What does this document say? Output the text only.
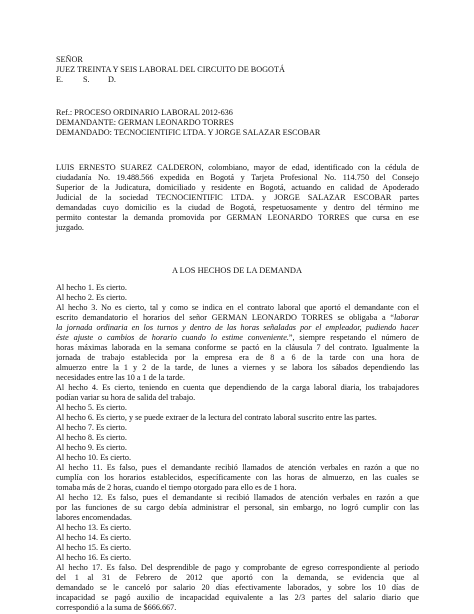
SEÑOR
JUEZ TREINTA Y SEIS LABORAL DEL CIRCUITO DE BOGOTÁ
E. S. D.
Ref.: PROCESO ORDINARIO LABORAL 2012-636
DEMANDANTE: GERMAN LEONARDO TORRES
DEMANDADO: TECNOCIENTIFIC LTDA. Y JORGE SALAZAR ESCOBAR
LUIS ERNESTO SUAREZ CALDERON, colombiano, mayor de edad, identificado con la cédula de
ciudadanía No. 19.488.566 expedida en Bogotá y Tarjeta Profesional No. 114.750 del Consejo
Superior de la Judicatura, domiciliado y residente en Bogotá, actuando en calidad de Apoderado
Judicial de la sociedad TECNOCIENTIFIC LTDA. y JORGE SALAZAR ESCOBAR partes
demandadas cuyo domicilio es la ciudad de Bogotá, respetuosamente y dentro del término me
permito contestar la demanda promovida por GERMAN LEONARDO TORRES que cursa en ese
juzgado.
A LOS HECHOS DE LA DEMANDA
Al hecho 1. Es cierto.
Al hecho 2. Es cierto.
Al hecho 3. No es cierto, tal y como se indica en el contrato laboral que aportó el demandante con el
escrito demandatorio el horarios del señor GERMAN LEONARDO TORRES se obligaba a “laborar
la jornada ordinaria en los turnos y dentro de las horas señaladas por el empleador, pudiendo hacer
éste ajuste o cambios de horario cuando lo estime conveniente.”, siempre respetando el número de
horas máximas laborada en la semana conforme se pactó en la cláusula 7 del contrato. Igualmente la
jornada de trabajo establecida por la empresa era de 8 a 6 de la tarde con una hora de
almuerzo entre la 1 y 2 de la tarde, de lunes a viernes y se labora los sábados dependiendo las
necesidades entre las 10 a 1 de la tarde.
Al hecho 4. Es cierto, teniendo en cuenta que dependiendo de la carga laboral diaria, los trabajadores
podían variar su hora de salida del trabajo.
Al hecho 5. Es cierto.
Al hecho 6. Es cierto, y se puede extraer de la lectura del contrato laboral suscrito entre las partes.
Al hecho 7. Es cierto.
Al hecho 8. Es cierto.
Al hecho 9. Es cierto.
Al hecho 10. Es cierto.
Al hecho 11. Es falso, pues el demandante recibió llamados de atención verbales en razón a que no
cumplía con los horarios establecidos, específicamente con las horas de almuerzo, en las cuales se
tomaba más de 2 horas, cuando el tiempo otorgado para ello es de 1 hora.
Al hecho 12. Es falso, pues el demandante si recibió llamados de atención verbales en razón a que
por las funciones de su cargo debía administrar el personal, sin embargo, no logró cumplir con las
labores encomendadas.
Al hecho 13. Es cierto.
Al hecho 14. Es cierto.
Al hecho 15. Es cierto.
Al hecho 16. Es cierto.
Al hecho 17. Es falso. Del desprendible de pago y comprobante de egreso correspondiente al periodo
del 1 al 31 de Febrero de 2012 que aportó con la demanda, se evidencia que al
demandado se le canceló por salario 20 días efectivamente laborados, y sobre los 10 días de
incapacidad se pagó auxilio de incapacidad equivalente a las 2/3 partes del salario diario que
correspondió a la suma de $666.667.
